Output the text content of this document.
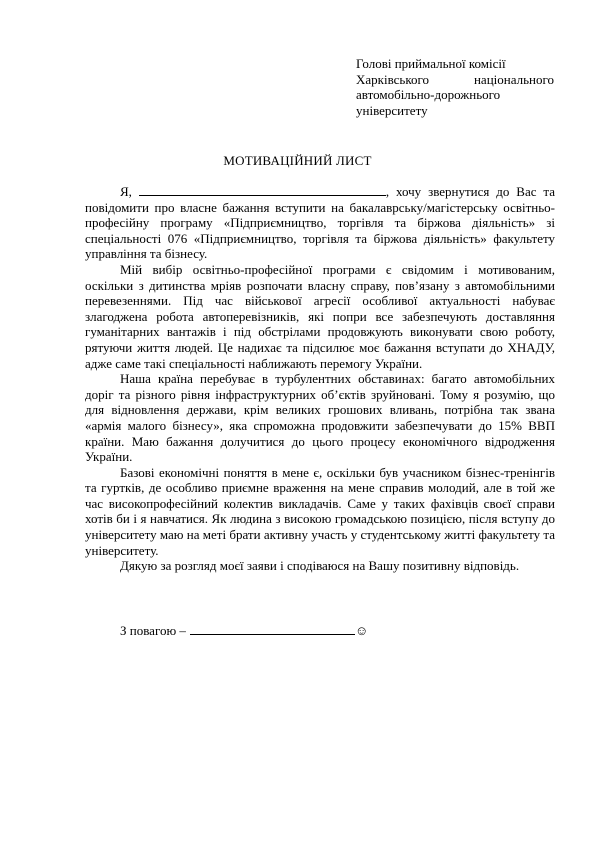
Голові приймальної комісії
Харківського національного
автомобільно-дорожнього
університету
МОТИВАЦІЙНИЙ ЛИСТ

Я,	, хочу звернутися до Вас та повідомити про власне бажання вступити на бакалаврську/магістерську освітньо-професійну програму «Підприємництво, торгівля та біржова діяльність» зі спеціальності 076 «Підприємництво, торгівля та біржова діяльність» факультету управління та бізнесу.

Мій вибір освітньо-професійної програми є свідомим і мотивованим, оскільки з дитинства мріяв розпочати власну справу, пов’язану з автомобільними перевезеннями. Під час військової агресії особливої актуальності набуває злагоджена робота автоперевізників, які попри все забезпечують доставляння гуманітарних вантажів і під обстрілами продовжують виконувати свою роботу, рятуючи життя людей. Це надихає та підсилює моє бажання вступати до ХНАДУ, адже саме такі спеціальності наближають перемогу України.

Наша країна перебуває в турбулентних обставинах: багато автомобільних доріг та різного рівня інфраструктурних об’єктів зруйновані. Тому я розумію, що для відновлення держави, крім великих грошових вливань, потрібна так звана «армія малого бізнесу», яка спроможна продовжити забезпечувати до 15% ВВП країни. Маю бажання долучитися до цього процесу економічного відродження України.

Базові економічні поняття в мене є, оскільки був учасником бізнес-тренінгів та гуртків, де особливо приємне враження на мене справив молодий, але в той же час високопрофесійний колектив викладачів. Саме у таких фахівців своєї справи хотів би і я навчатися. Як людина з високою громадською позицією, після вступу до університету маю на меті брати активну участь у студентському житті факультету та університету.

Дякую за розгляд моєї заяви і сподіваюся на Вашу позитивну відповідь.

З повагою –	☺
